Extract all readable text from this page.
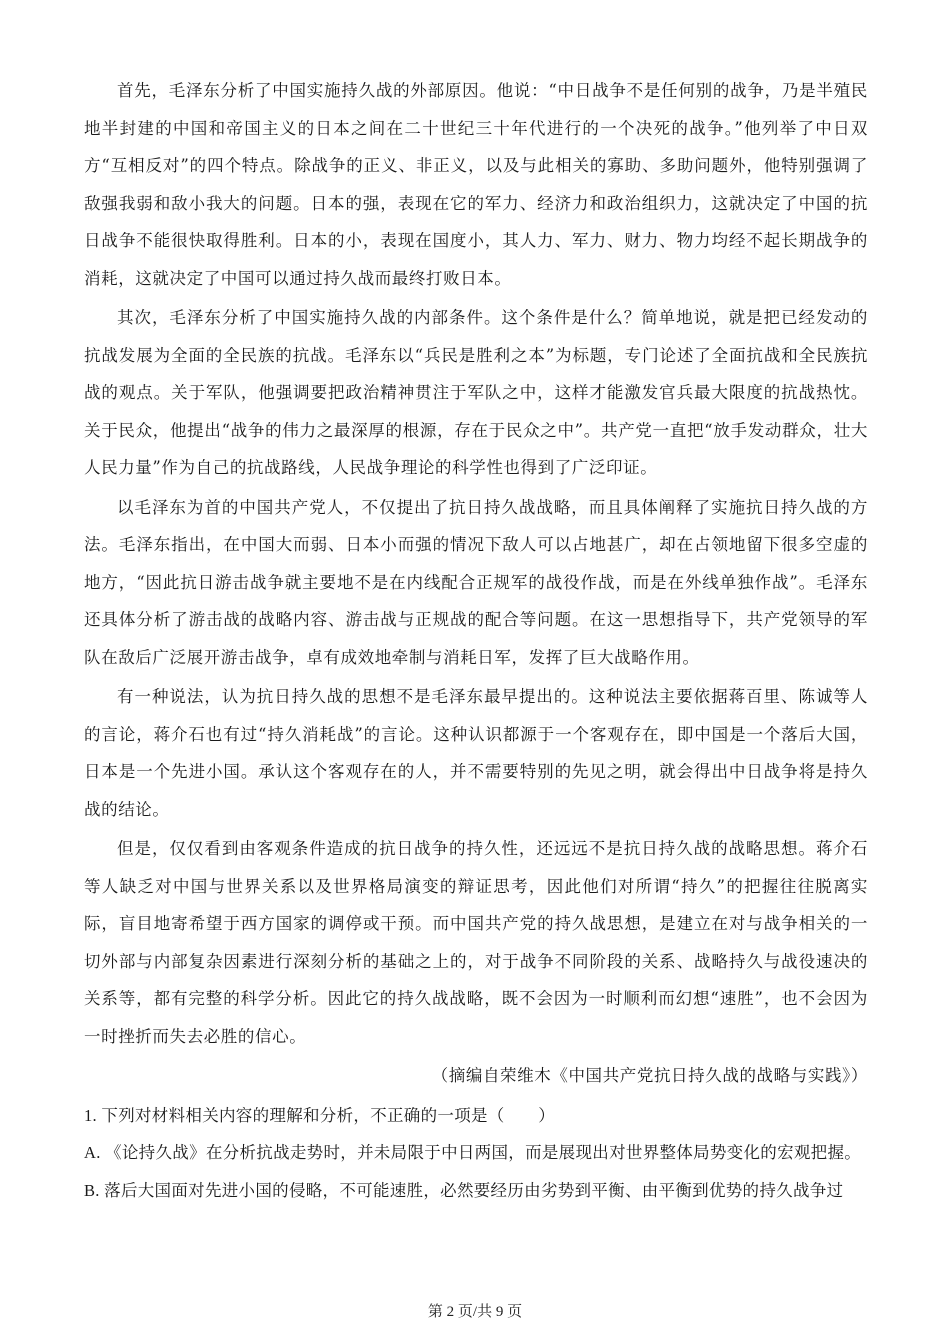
首先，毛泽东分析了中国实施持久战的外部原因。他说：“中日战争不是任何别的战争，乃是半殖民地半封建的中国和帝国主义的日本之间在二十世纪三十年代进行的一个决死的战争。”他列举了中日双方“互相反对”的四个特点。除战争的正义、非正义，以及与此相关的寡助、多助问题外，他特别强调了敌强我弱和敌小我大的问题。日本的强，表现在它的军力、经济力和政治组织力，这就决定了中国的抗日战争不能很快取得胜利。日本的小，表现在国度小，其人力、军力、财力、物力均经不起长期战争的消耗，这就决定了中国可以通过持久战而最终打败日本。

其次，毛泽东分析了中国实施持久战的内部条件。这个条件是什么？简单地说，就是把已经发动的抗战发展为全面的全民族的抗战。毛泽东以“兵民是胜利之本”为标题，专门论述了全面抗战和全民族抗战的观点。关于军队，他强调要把政治精神贯注于军队之中，这样才能激发官兵最大限度的抗战热忱。关于民众，他提出“战争的伟力之最深厚的根源，存在于民众之中”。共产党一直把“放手发动群众，壮大人民力量”作为自己的抗战路线，人民战争理论的科学性也得到了广泛印证。

以毛泽东为首的中国共产党人，不仅提出了抗日持久战战略，而且具体阐释了实施抗日持久战的方法。毛泽东指出，在中国大而弱、日本小而强的情况下敌人可以占地甚广，却在占领地留下很多空虚的地方，“因此抗日游击战争就主要地不是在内线配合正规军的战役作战，而是在外线单独作战”。毛泽东还具体分析了游击战的战略内容、游击战与正规战的配合等问题。在这一思想指导下，共产党领导的军队在敌后广泛展开游击战争，卓有成效地牵制与消耗日军，发挥了巨大战略作用。

有一种说法，认为抗日持久战的思想不是毛泽东最早提出的。这种说法主要依据蒋百里、陈诚等人的言论，蒋介石也有过“持久消耗战”的言论。这种认识都源于一个客观存在，即中国是一个落后大国，日本是一个先进小国。承认这个客观存在的人，并不需要特别的先见之明，就会得出中日战争将是持久战的结论。

但是，仅仅看到由客观条件造成的抗日战争的持久性，还远远不是抗日持久战的战略思想。蒋介石等人缺乏对中国与世界关系以及世界格局演变的辩证思考，因此他们对所谓“持久”的把握往往脱离实际，盲目地寄希望于西方国家的调停或干预。而中国共产党的持久战思想，是建立在对与战争相关的一切外部与内部复杂因素进行深刻分析的基础之上的，对于战争不同阶段的关系、战略持久与战役速决的关系等，都有完整的科学分析。因此它的持久战战略，既不会因为一时顺利而幻想“速胜”，也不会因为一时挫折而失去必胜的信心。

（摘编自荣维木《中国共产党抗日持久战的战略与实践》）

1. 下列对材料相关内容的理解和分析，不正确的一项是（　　）

A. 《论持久战》在分析抗战走势时，并未局限于中日两国，而是展现出对世界整体局势变化的宏观把握。

B. 落后大国面对先进小国的侵略，不可能速胜，必然要经历由劣势到平衡、由平衡到优势的持久战争过

第 2 页/共 9 页
